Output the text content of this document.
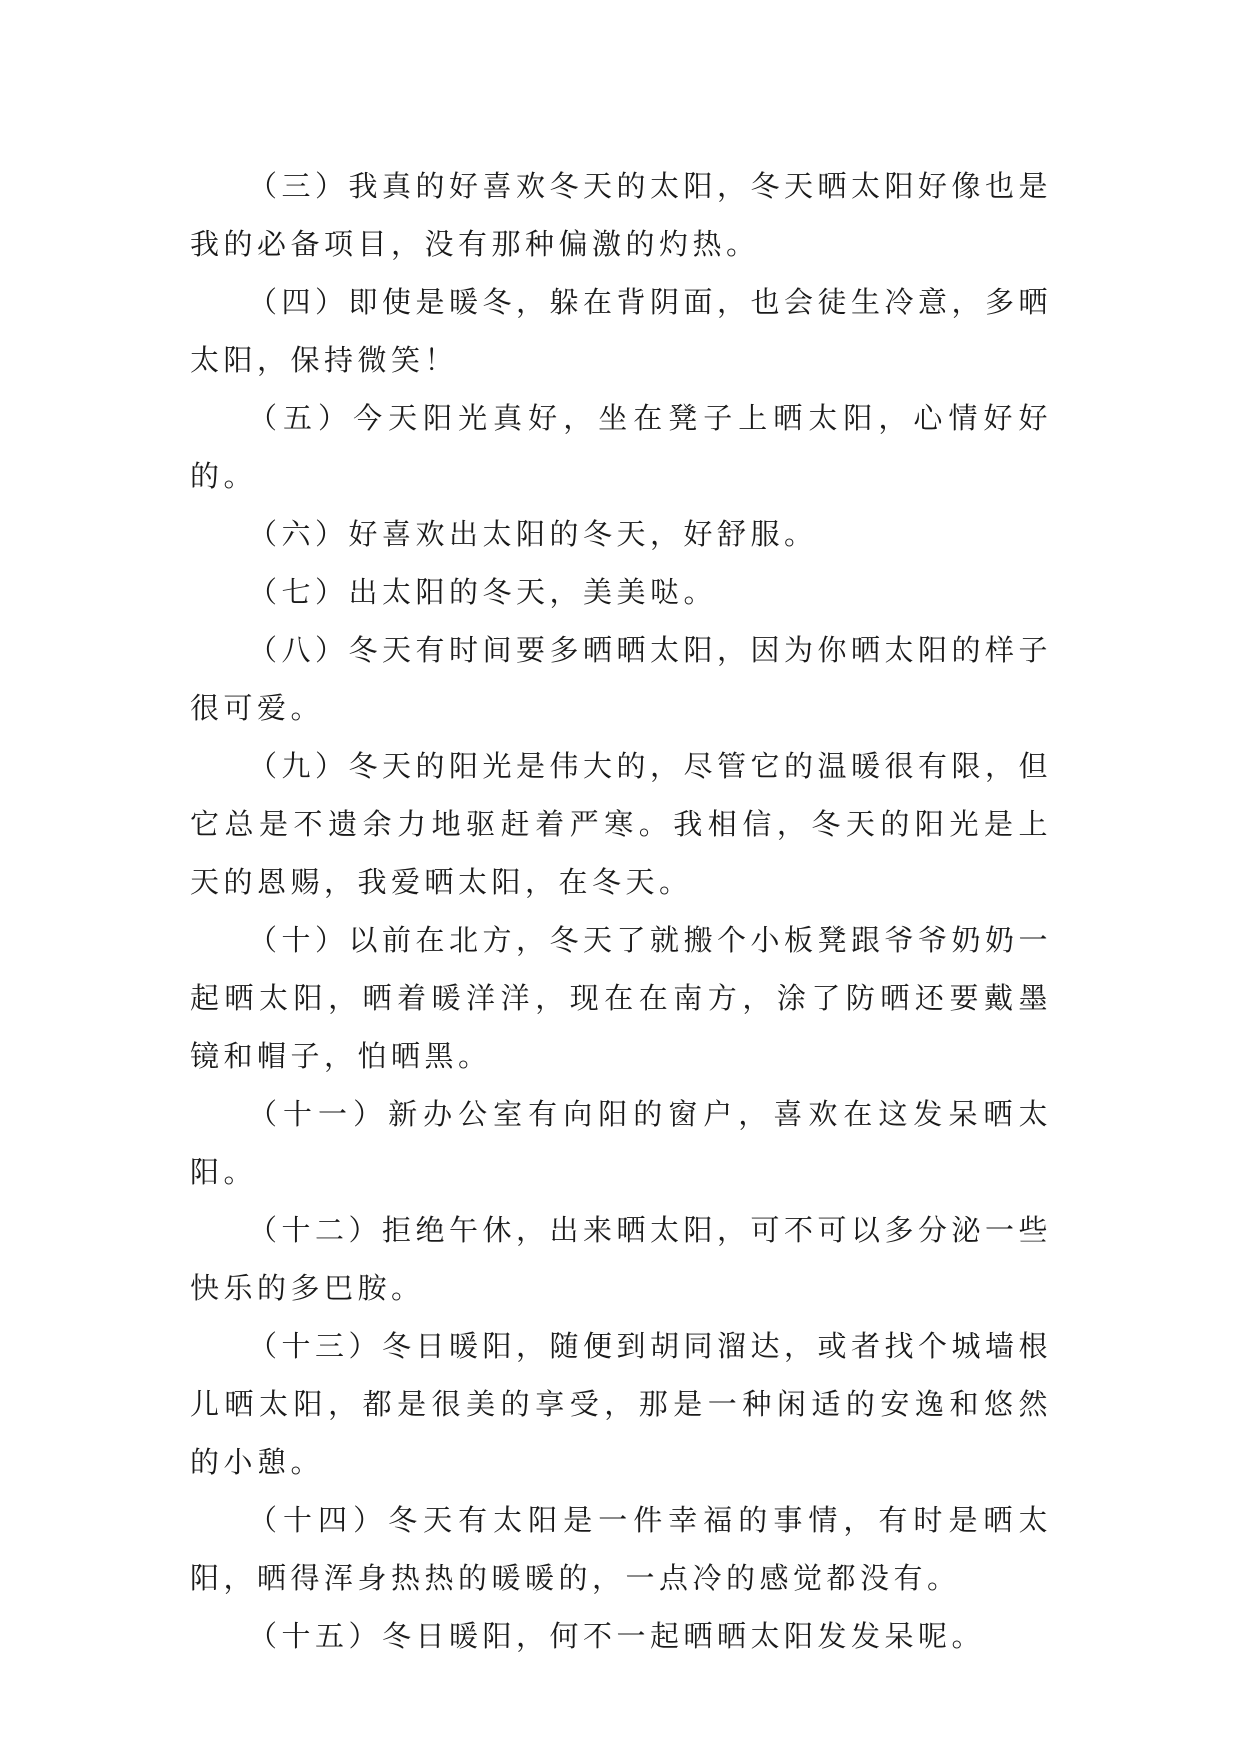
（三）我真的好喜欢冬天的太阳，冬天晒太阳好像也是我的必备项目，没有那种偏激的灼热。

（四）即使是暖冬，躲在背阴面，也会徒生冷意，多晒太阳，保持微笑！

（五）今天阳光真好，坐在凳子上晒太阳，心情好好的。

（六）好喜欢出太阳的冬天，好舒服。

（七）出太阳的冬天，美美哒。

（八）冬天有时间要多晒晒太阳，因为你晒太阳的样子很可爱。

（九）冬天的阳光是伟大的，尽管它的温暖很有限，但它总是不遗余力地驱赶着严寒。我相信，冬天的阳光是上天的恩赐，我爱晒太阳，在冬天。

（十）以前在北方，冬天了就搬个小板凳跟爷爷奶奶一起晒太阳，晒着暖洋洋，现在在南方，涂了防晒还要戴墨镜和帽子，怕晒黑。

（十一）新办公室有向阳的窗户，喜欢在这发呆晒太阳。

（十二）拒绝午休，出来晒太阳，可不可以多分泌一些快乐的多巴胺。

（十三）冬日暖阳，随便到胡同溜达，或者找个城墙根儿晒太阳，都是很美的享受，那是一种闲适的安逸和悠然的小憩。

（十四）冬天有太阳是一件幸福的事情，有时是晒太阳，晒得浑身热热的暖暖的，一点冷的感觉都没有。

（十五）冬日暖阳，何不一起晒晒太阳发发呆呢。
